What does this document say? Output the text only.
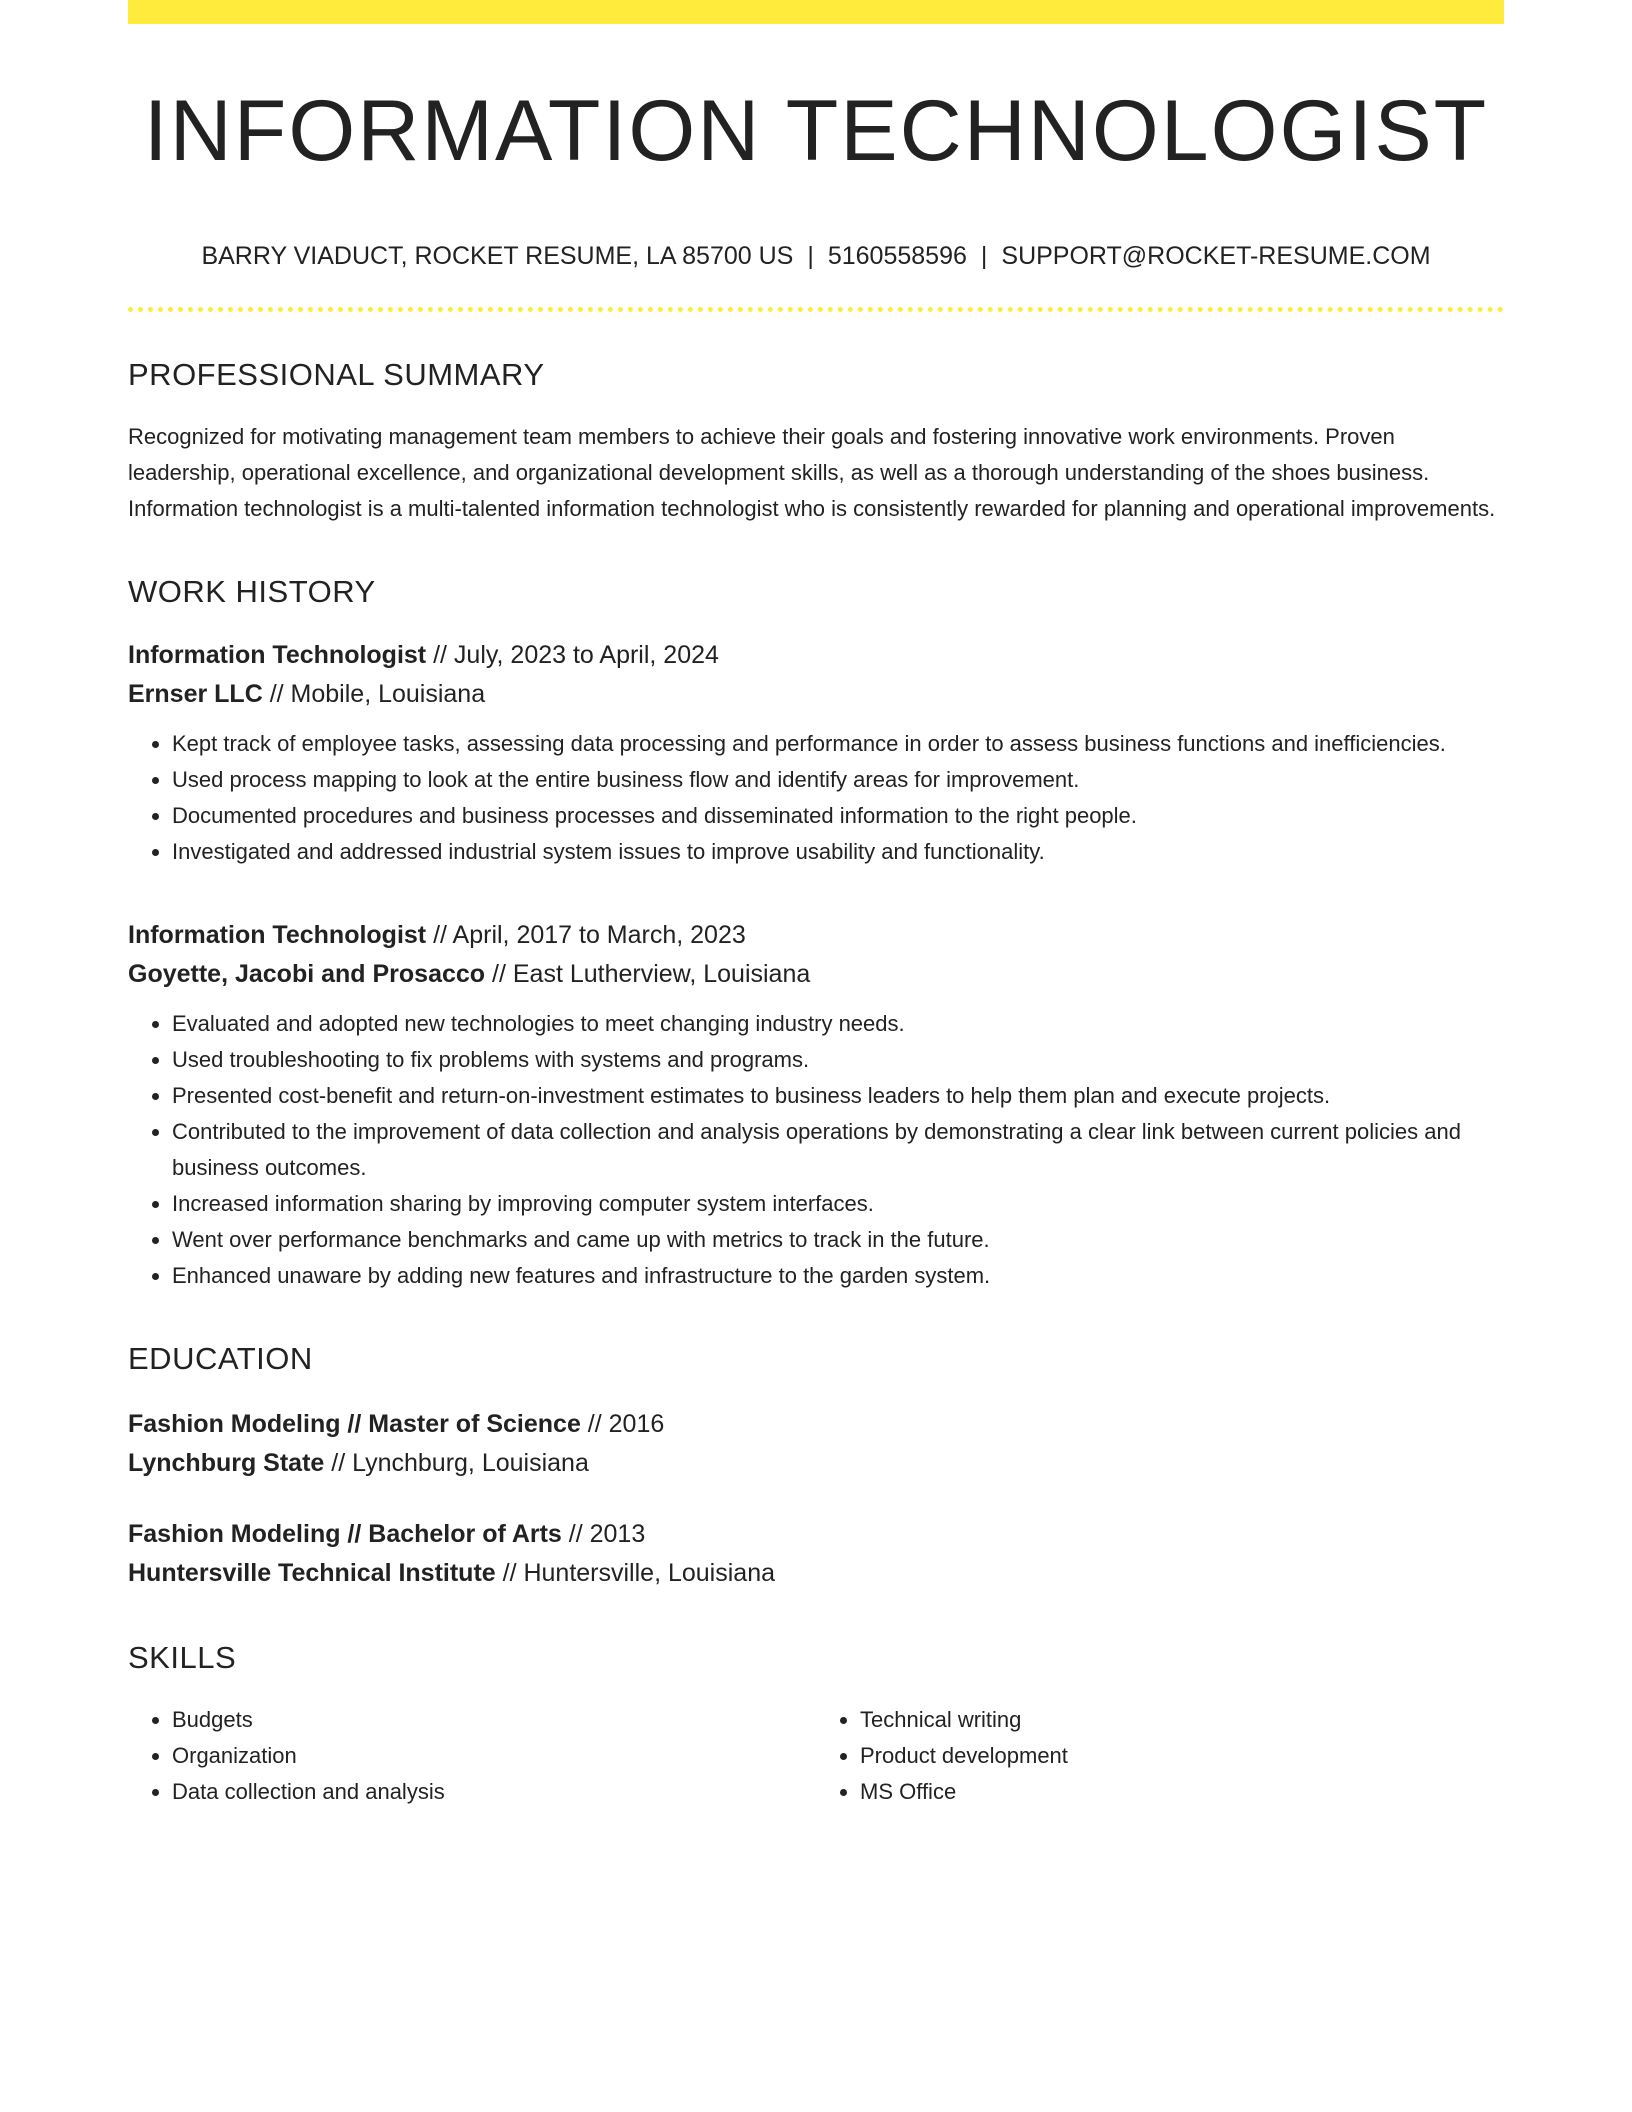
INFORMATION TECHNOLOGIST
BARRY VIADUCT, ROCKET RESUME, LA 85700 US | 5160558596 | SUPPORT@ROCKET-RESUME.COM
PROFESSIONAL SUMMARY

Recognized for motivating management team members to achieve their goals and fostering innovative work environments. Proven leadership, operational excellence, and organizational development skills, as well as a thorough understanding of the shoes business. Information technologist is a multi-talented information technologist who is consistently rewarded for planning and operational improvements.

WORK HISTORY
Information Technologist // July, 2023 to April, 2024
Ernser LLC // Mobile, Louisiana
• Kept track of employee tasks, assessing data processing and performance in order to assess business functions and inefficiencies.
• Used process mapping to look at the entire business flow and identify areas for improvement.
• Documented procedures and business processes and disseminated information to the right people.
• Investigated and addressed industrial system issues to improve usability and functionality.
Information Technologist // April, 2017 to March, 2023
Goyette, Jacobi and Prosacco // East Lutherview, Louisiana
• Evaluated and adopted new technologies to meet changing industry needs.
• Used troubleshooting to fix problems with systems and programs.
• Presented cost-benefit and return-on-investment estimates to business leaders to help them plan and execute projects.
• Contributed to the improvement of data collection and analysis operations by demonstrating a clear link between current policies and business outcomes.
• Increased information sharing by improving computer system interfaces.
• Went over performance benchmarks and came up with metrics to track in the future.
• Enhanced unaware by adding new features and infrastructure to the garden system.
EDUCATION
Fashion Modeling // Master of Science // 2016
Lynchburg State // Lynchburg, Louisiana
Fashion Modeling // Bachelor of Arts // 2013
Huntersville Technical Institute // Huntersville, Louisiana
SKILLS
• Budgets
• Organization
• Data collection and analysis
• Technical writing
• Product development
• MS Office
